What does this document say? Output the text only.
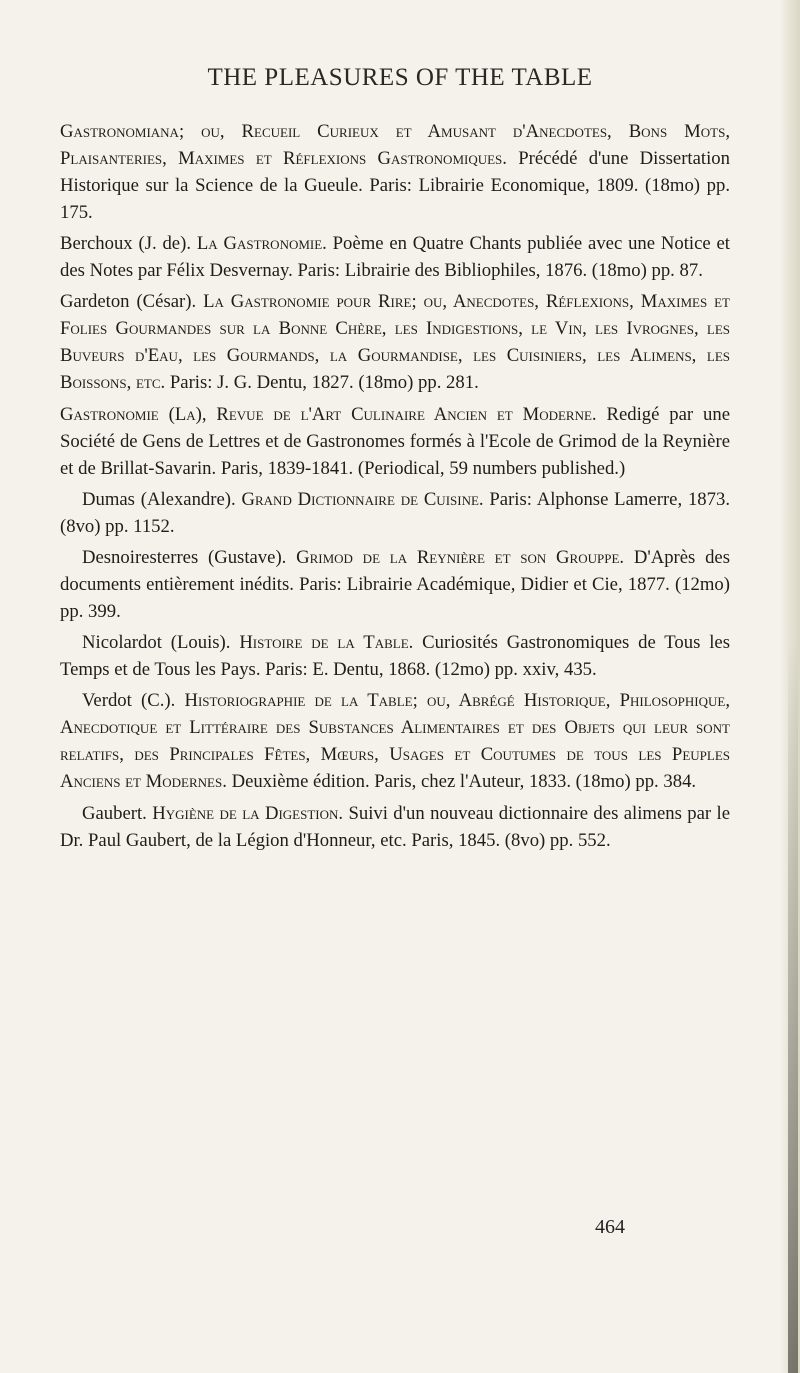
THE PLEASURES OF THE TABLE

Gastronomiana; ou, Recueil Curieux et Amusant d'Anecdotes, Bons Mots, Plaisanteries, Maximes et Réflexions Gastronomiques. Précédé d'une Dissertation Historique sur la Science de la Gueule. Paris: Librairie Economique, 1809. (18mo) pp. 175.

Berchoux (J. de). La Gastronomie. Poème en Quatre Chants publiée avec une Notice et des Notes par Félix Desvernay. Paris: Librairie des Bibliophiles, 1876. (18mo) pp. 87.

Gardeton (César). La Gastronomie pour Rire; ou, Anecdotes, Réflexions, Maximes et Folies Gourmandes sur la Bonne Chère, les Indigestions, le Vin, les Ivrognes, les Buveurs d'Eau, les Gourmands, la Gourmandise, les Cuisiniers, les Alimens, les Boissons, etc. Paris: J. G. Dentu, 1827. (18mo) pp. 281.

Gastronomie (La), Revue de l'Art Culinaire Ancien et Moderne. Redigé par une Société de Gens de Lettres et de Gastronomes formés à l'Ecole de Grimod de la Reynière et de Brillat-Savarin. Paris, 1839-1841. (Periodical, 59 numbers published.)

Dumas (Alexandre). Grand Dictionnaire de Cuisine. Paris: Alphonse Lamerre, 1873. (8vo) pp. 1152.

Desnoiresterres (Gustave). Grimod de la Reynière et son Grouppe. D'Après des documents entièrement inédits. Paris: Librairie Académique, Didier et Cie, 1877. (12mo) pp. 399.

Nicolardot (Louis). Histoire de la Table. Curiosités Gastronomiques de Tous les Temps et de Tous les Pays. Paris: E. Dentu, 1868. (12mo) pp. xxiv, 435.

Verdot (C.). Historiographie de la Table; ou, Abrégé Historique, Philosophique, Anecdotique et Littéraire des Substances Alimentaires et des Objets qui leur sont relatifs, des Principales Fêtes, Mœurs, Usages et Coutumes de tous les Peuples Anciens et Modernes. Deuxième édition. Paris, chez l'Auteur, 1833. (18mo) pp. 384.

Gaubert. Hygiène de la Digestion. Suivi d'un nouveau dictionnaire des alimens par le Dr. Paul Gaubert, de la Légion d'Honneur, etc. Paris, 1845. (8vo) pp. 552.

464
